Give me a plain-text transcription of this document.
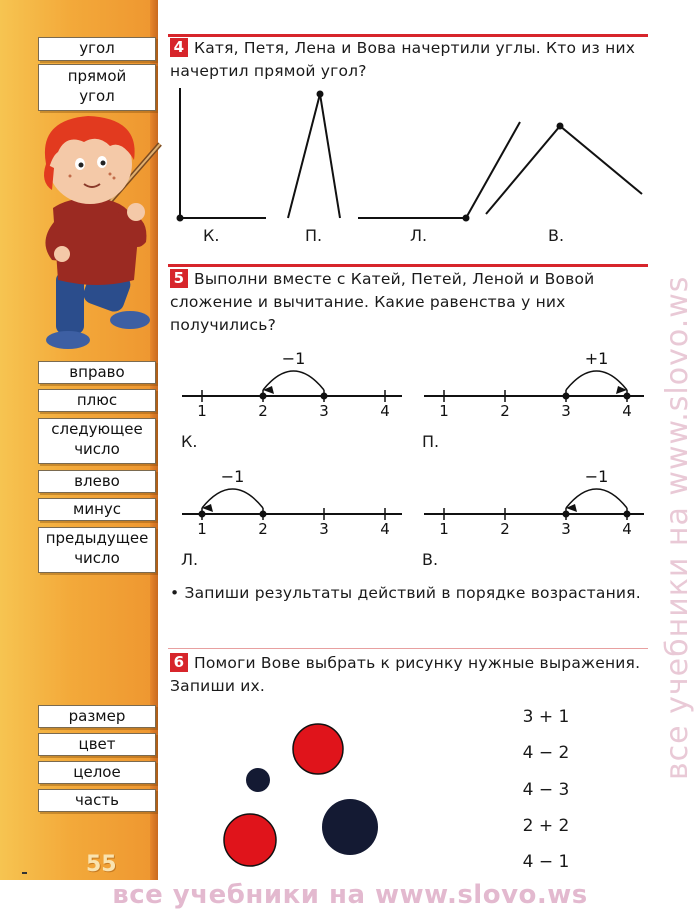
угол
прямой угол
вправо
плюс
следующее число
влево
минус
предыдущее число
размер
цвет
целое
часть
55
4 Катя, Петя, Лена и Вова начертили углы. Кто из них начертил прямой угол?
К.	П.	Л.	В.
5 Выполни вместе с Катей, Петей, Леной и Вовой сложение и вычитание. Какие равенства у них получились?
1	2	3	4
−1
1	2	3	4
+1
1	2	3	4
−1
1	2	3	4
−1
К.	П.
Л.	В.
• Запиши результаты действий в порядке возрастания.
6 Помоги Вове выбрать к рисунку нужные выражения. Запиши их.
3 + 1
4 − 2
4 − 3
2 + 2
4 − 1
все учебники на www.slovo.ws
все учебники на www.slovo.ws
